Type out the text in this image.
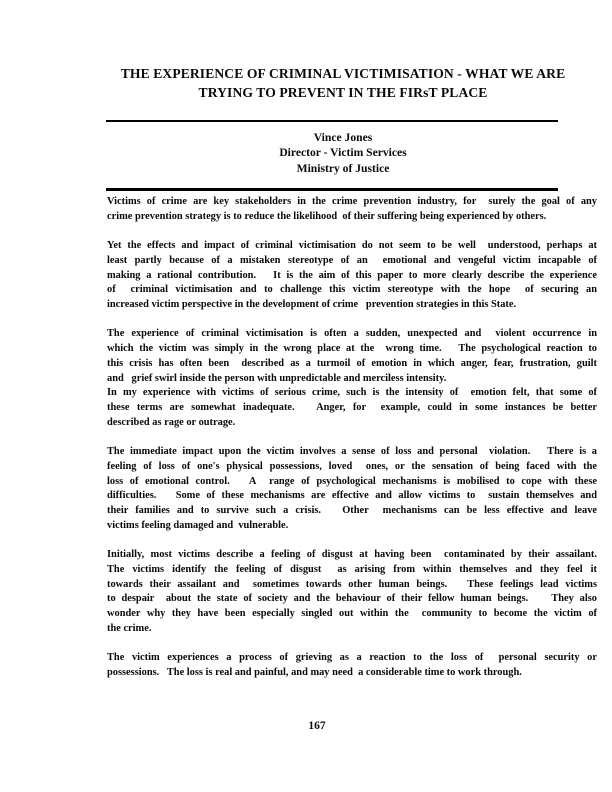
THE EXPERIENCE OF CRIMINAL VICTIMISATION - WHAT WE ARE
TRYING TO PREVENT IN THE FIRsT PLACE
Vince Jones
Director - Victim Services
Ministry of Justice
Victims of crime are key stakeholders in the crime prevention industry, for  surely the goal of any
crime prevention strategy is to reduce the likelihood  of their suffering being experienced by others.
Yet the effects and impact of criminal victimisation do not seem to be well  understood, perhaps at
least partly because of a mistaken stereotype of an  emotional and vengeful victim incapable of
making a rational contribution.   It is the aim of this paper to more clearly describe the experience
of  criminal victimisation and to challenge this victim stereotype with the hope  of securing an
increased victim perspective in the development of crime   prevention strategies in this State.
The experience of criminal victimisation is often a sudden, unexpected and  violent occurrence in
which the victim was simply in the wrong place at the  wrong time.   The psychological reaction to
this crisis has often been  described as a turmoil of emotion in which anger, fear, frustration, guilt
and   grief swirl inside the person with unpredictable and merciless intensity.
In my experience with victims of serious crime, such is the intensity of  emotion felt, that some of
these terms are somewhat inadequate.   Anger, for  example, could in some instances be better
described as rage or outrage.
The immediate impact upon the victim involves a sense of loss and personal  violation.   There is a
feeling of loss of one's physical possessions, loved  ones, or the sensation of being faced with the
loss of emotional control.   A  range of psychological mechanisms is mobilised to cope with these
difficulties.   Some of these mechanisms are effective and allow victims to  sustain themselves and
their families and to survive such a crisis.   Other  mechanisms can be less effective and leave
victims feeling damaged and  vulnerable.
Initially, most victims describe a feeling of disgust at having been  contaminated by their assailant.
The victims identify the feeling of disgust  as arising from within themselves and they feel it
towards their assailant and  sometimes towards other human beings.   These feelings lead victims
to despair  about the state of society and the behaviour of their fellow human beings.    They also
wonder why they have been especially singled out within the  community to become the victim of
the crime.
The victim experiences a process of grieving as a reaction to the loss of  personal security or
possessions.   The loss is real and painful, and may need  a considerable time to work through.
167
